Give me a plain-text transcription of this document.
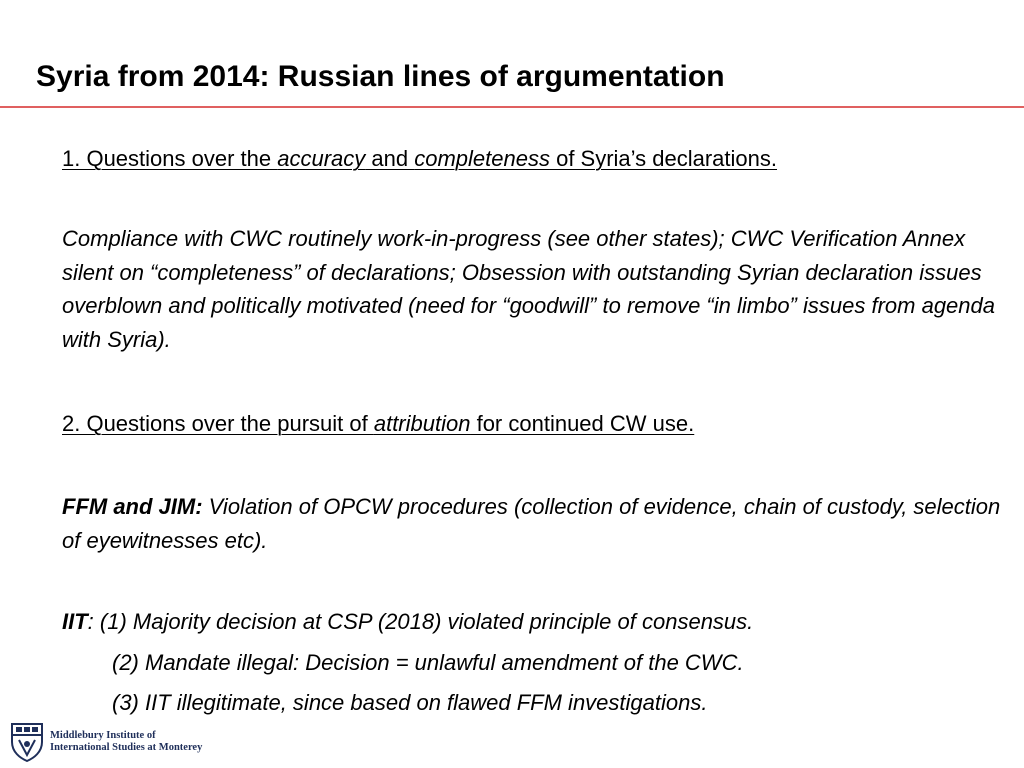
Syria from 2014: Russian lines of argumentation

1. Questions over the accuracy and completeness of Syria’s declarations.

Compliance with CWC routinely work-in-progress (see other states); CWC Verification Annex silent on “completeness” of declarations; Obsession with outstanding Syrian declaration issues overblown and politically motivated (need for “goodwill” to remove “in limbo” issues from agenda with Syria).

2. Questions over the pursuit of attribution for continued CW use.

FFM and JIM: Violation of OPCW procedures (collection of evidence, chain of custody, selection of eyewitnesses etc).

IIT: (1) Majority decision at CSP (2018) violated principle of consensus.

(2) Mandate illegal: Decision = unlawful amendment of the CWC.

(3) IIT illegitimate, since based on flawed FFM investigations.

Middlebury Institute of
International Studies at Monterey
